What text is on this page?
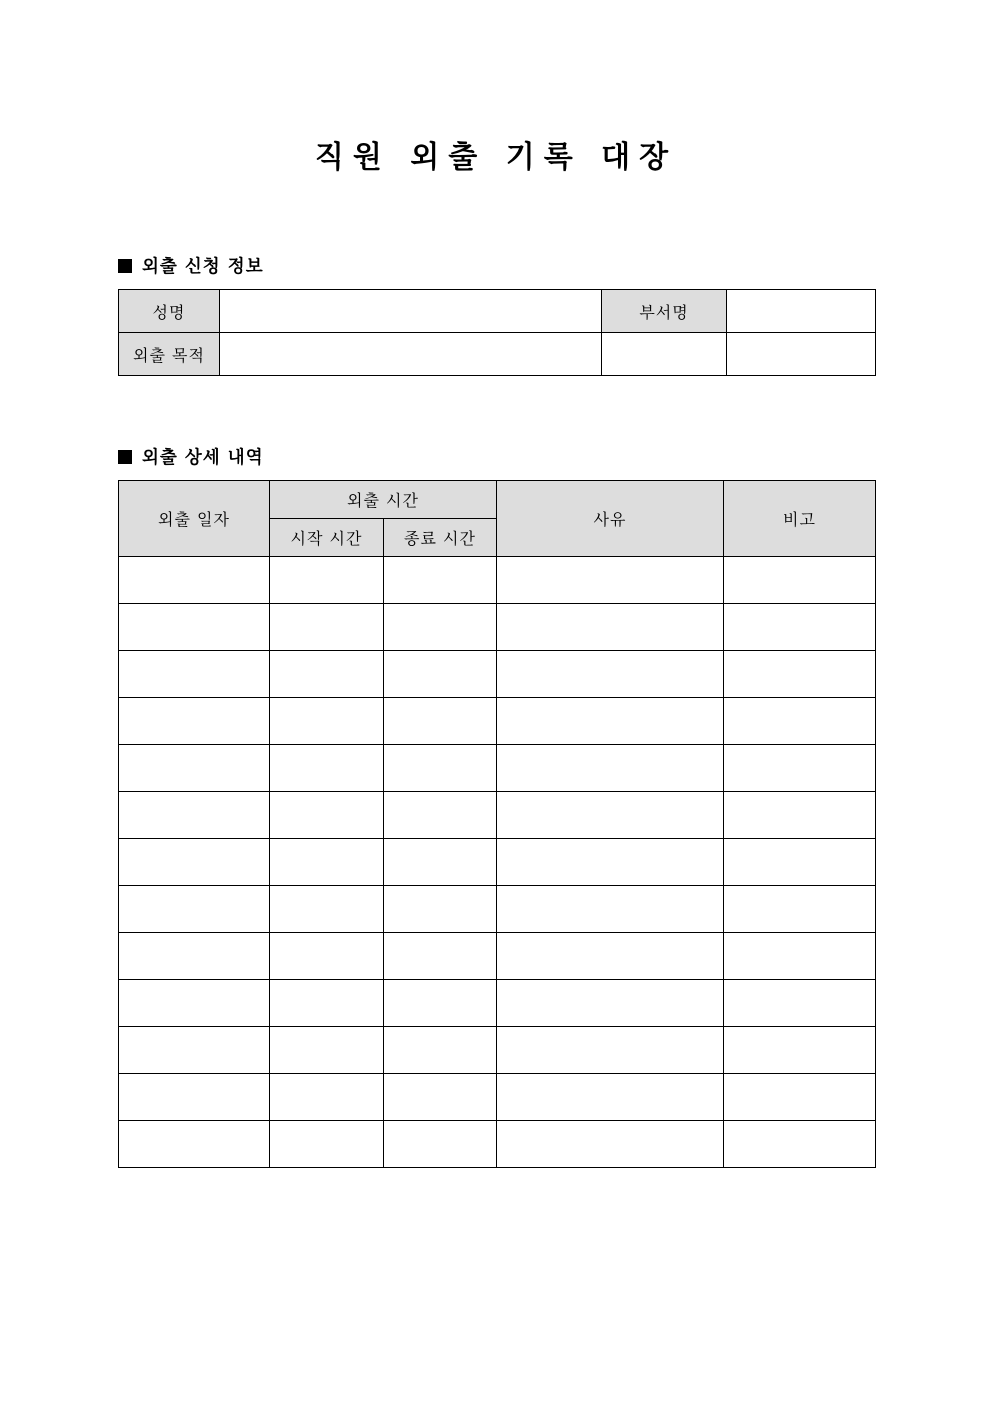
직원 외출 기록 대장
외출 신청 정보
성명		부서명	
외출 목적			
외출 상세 내역
외출 일자	외출 시간		사유	비고
	시작 시간	종료 시간		
